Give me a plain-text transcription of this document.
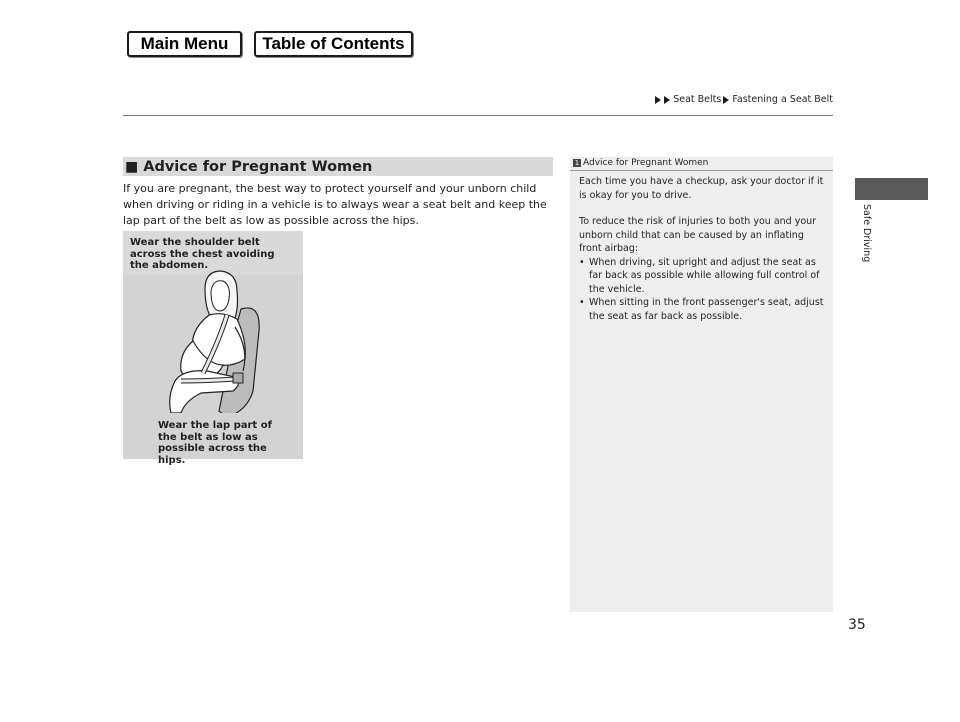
Main Menu	Table of Contents
Seat Belts Fastening a Seat Belt
Safe Driving
■ Advice for Pregnant Women
If you are pregnant, the best way to protect yourself and your unborn child when driving or riding in a vehicle is to always wear a seat belt and keep the lap part of the belt as low as possible across the hips.
Wear the shoulder belt across the chest avoiding the abdomen.
Wear the lap part of the belt as low as possible across the hips.
1 Advice for Pregnant Women

Each time you have a checkup, ask your doctor if it is okay for you to drive.

To reduce the risk of injuries to both you and your unborn child that can be caused by an inflating front airbag:

• When driving, sit upright and adjust the seat as far back as possible while allowing full control of the vehicle.
• When sitting in the front passenger's seat, adjust the seat as far back as possible.
35
